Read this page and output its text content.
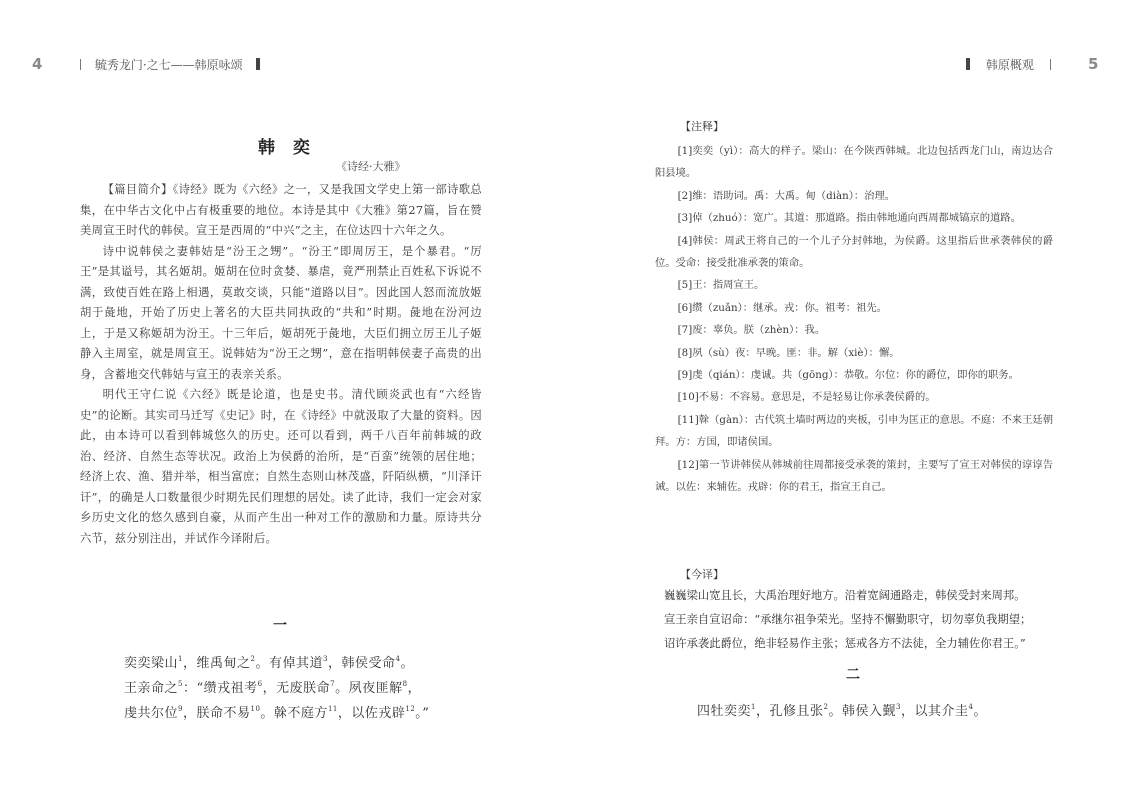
4	毓秀龙门·之七——韩原咏颂	韩原概观	5
韩 奕
《诗经·大雅》

【篇目简介】《诗经》既为《六经》之一，又是我国文学史上第一部诗歌总集，在中华古文化中占有极重要的地位。本诗是其中《大雅》第27篇，旨在赞美周宣王时代的韩侯。宣王是西周的“中兴”之主，在位达四十六年之久。

诗中说韩侯之妻韩姞是“汾王之甥”。“汾王”即周厉王，是个暴君。“厉王”是其谥号，其名姬胡。姬胡在位时贪婪、暴虐，竟严刑禁止百姓私下诉说不满，致使百姓在路上相遇，莫敢交谈，只能“道路以目”。因此国人怒而流放姬胡于彘地，开始了历史上著名的大臣共同执政的“共和”时期。彘地在汾河边上，于是又称姬胡为汾王。十三年后，姬胡死于彘地，大臣们拥立厉王儿子姬静入主周室，就是周宣王。说韩姞为“汾王之甥”，意在指明韩侯妻子高贵的出身，含蓄地交代韩姞与宣王的表亲关系。

明代王守仁说《六经》既是论道，也是史书。清代顾炎武也有“六经皆史”的论断。其实司马迁写《史记》时，在《诗经》中就汲取了大量的资料。因此，由本诗可以看到韩城悠久的历史。还可以看到，两千八百年前韩城的政治、经济、自然生态等状况。政治上为侯爵的治所，是“百蛮”统领的居住地；经济上农、渔、猎并举，相当富庶；自然生态则山林茂盛，阡陌纵横，“川泽讦讦”，的确是人口数量很少时期先民们理想的居处。读了此诗，我们一定会对家乡历史文化的悠久感到自豪，从而产生出一种对工作的激励和力量。原诗共分六节，兹分别注出，并试作今译附后。

一
奕奕梁山$^1$，维禹甸之$^2$。有倬其道$^3$，韩侯受命$^4$。
王亲命之$^5$：“缵戎祖考$^6$，无废朕命$^7$。夙夜匪解$^8$，
虔共尔位$^9$，朕命不易$^{10}$。榦不庭方$^{11}$，以佐戎辟$^{12}$。”
【注释】

[1]奕奕（yì）：高大的样子。梁山：在今陕西韩城。北边包括西龙门山，南边达合阳县境。

[2]维：语助词。禹：大禹。甸（diàn）：治理。

[3]倬（zhuó）：宽广。其道：那道路。指由韩地通向西周都城镐京的道路。

[4]韩侯：周武王将自己的一个儿子分封韩地，为侯爵。这里指后世承袭韩侯的爵位。受命：接受批准承袭的策命。

[5]王：指周宣王。

[6]缵（zuǎn）：继承。戎：你。祖考：祖先。

[7]废：辜负。朕（zhèn）：我。

[8]夙（sù）夜：早晚。匪：非。解（xiè）：懈。

[9]虔（qián）：虔诚。共（gōng）：恭敬。尔位：你的爵位，即你的职务。

[10]不易：不容易。意思是，不是轻易让你承袭侯爵的。

[11]榦（gàn）：古代筑土墙时两边的夹板，引申为匡正的意思。不庭：不来王廷朝拜。方：方国，即诸侯国。

[12]第一节讲韩侯从韩城前往周都接受承袭的策封，主要写了宣王对韩侯的谆谆告诫。以佐：来辅佐。戎辟：你的君王，指宣王自己。

【今译】
巍巍梁山宽且长，大禹治理好地方。沿着宽阔通路走，韩侯受封来周邦。
宣王亲自宣诏命：“承继尔祖争荣光。坚持不懈勤职守，切勿辜负我期望；
诏许承袭此爵位，绝非轻易作主张；惩戒各方不法徒，全力辅佐你君王。”
二
四牡奕奕$^1$，孔修且张$^2$。韩侯入觐$^3$，以其介圭$^4$。
